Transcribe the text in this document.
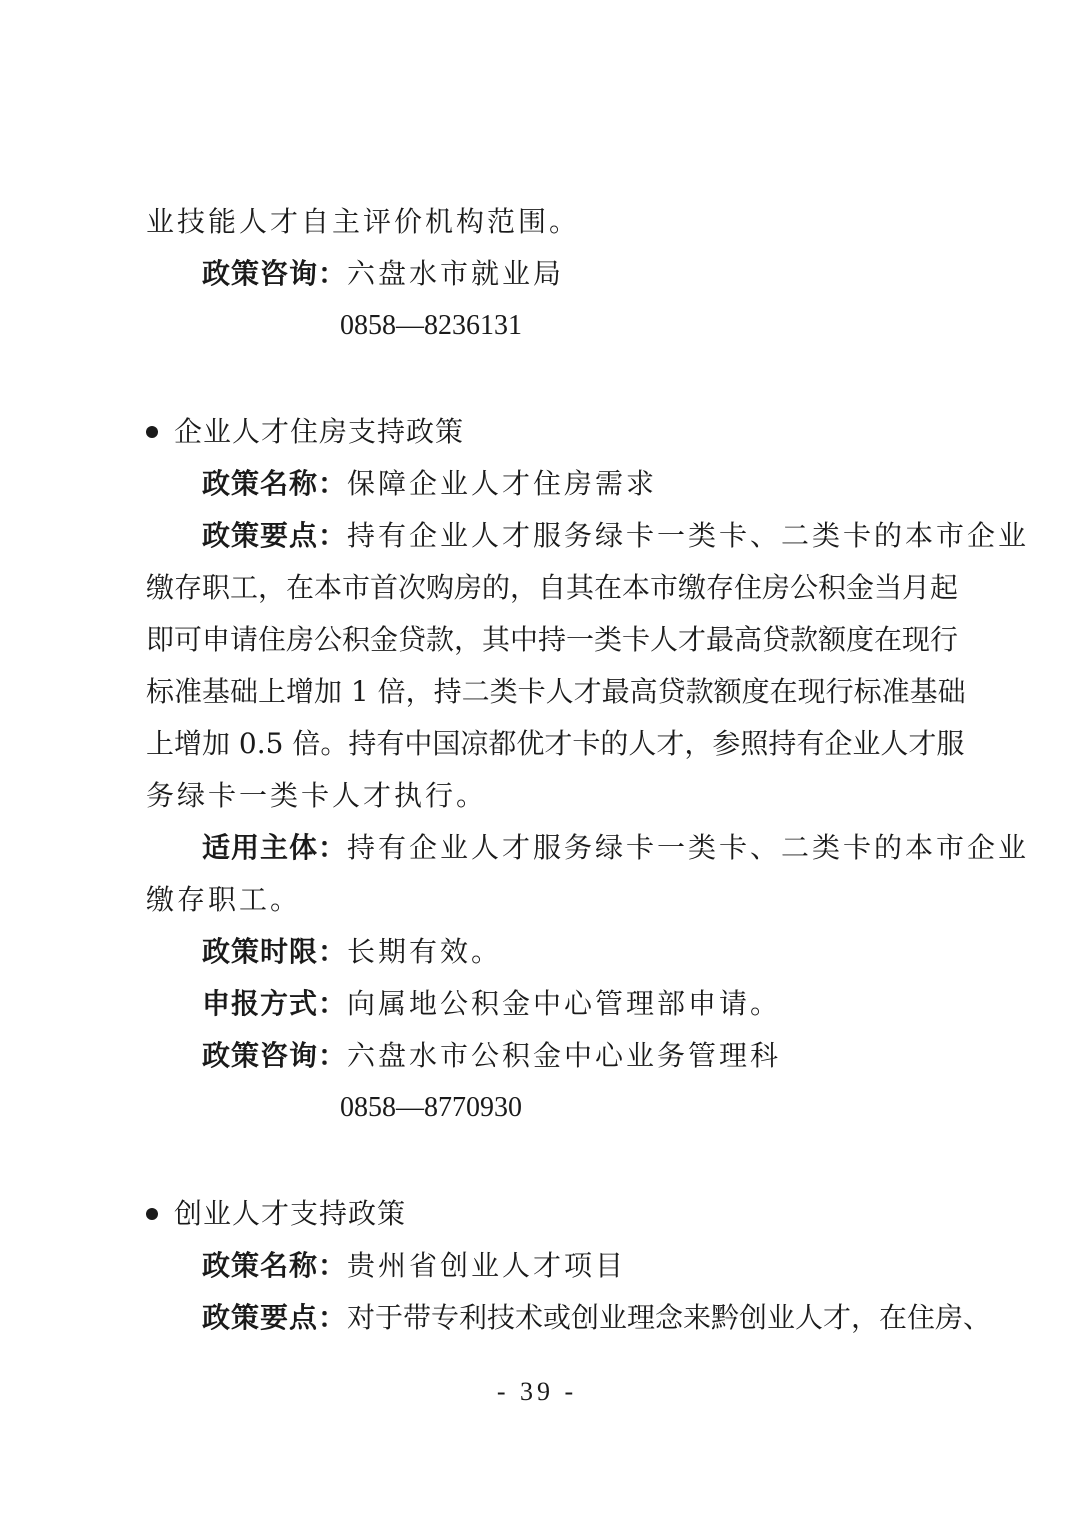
业技能人才自主评价机构范围。
政策咨询：六盘水市就业局
0858—8236131
企业人才住房支持政策
政策名称：保障企业人才住房需求
政策要点：持有企业人才服务绿卡一类卡、二类卡的本市企业
缴存职工，在本市首次购房的，自其在本市缴存住房公积金当月起
即可申请住房公积金贷款，其中持一类卡人才最高贷款额度在现行
标准基础上增加 1 倍，持二类卡人才最高贷款额度在现行标准基础
上增加 0.5 倍。持有中国凉都优才卡的人才，参照持有企业人才服
务绿卡一类卡人才执行。
适用主体：持有企业人才服务绿卡一类卡、二类卡的本市企业
缴存职工。
政策时限：长期有效。
申报方式：向属地公积金中心管理部申请。
政策咨询：六盘水市公积金中心业务管理科
0858—8770930
创业人才支持政策
政策名称：贵州省创业人才项目
政策要点：对于带专利技术或创业理念来黔创业人才，在住房、
- 39 -
